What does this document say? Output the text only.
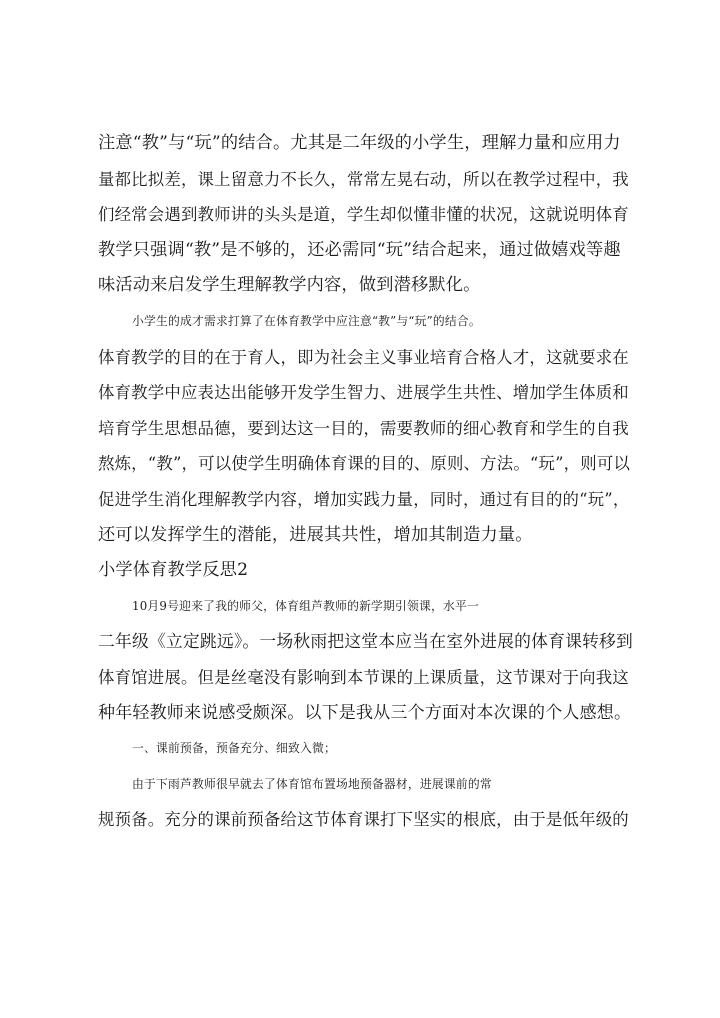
注意“教”与“玩”的结合。尤其是二年级的小学生，理解力量和应用力
量都比拟差，课上留意力不长久，常常左晃右动，所以在教学过程中，我
们经常会遇到教师讲的头头是道，学生却似懂非懂的状况，这就说明体育
教学只强调“教”是不够的，还必需同“玩”结合起来，通过做嬉戏等趣
味活动来启发学生理解教学内容，做到潜移默化。
小学生的成才需求打算了在体育教学中应注意“教”与“玩”的结合。
体育教学的目的在于育人，即为社会主义事业培育合格人才，这就要求在
体育教学中应表达出能够开发学生智力、进展学生共性、增加学生体质和
培育学生思想品德，要到达这一目的，需要教师的细心教育和学生的自我
熬炼，“教”，可以使学生明确体育课的目的、原则、方法。“玩”，则可以
促进学生消化理解教学内容，增加实践力量，同时，通过有目的的“玩”，
还可以发挥学生的潜能，进展其共性，增加其制造力量。
小学体育教学反思2
10月9号迎来了我的师父，体育组芦教师的新学期引领课，水平一
二年级《立定跳远》。一场秋雨把这堂本应当在室外进展的体育课转移到
体育馆进展。但是丝毫没有影响到本节课的上课质量，这节课对于向我这
种年轻教师来说感受颇深。以下是我从三个方面对本次课的个人感想。
一、课前预备，预备充分、细致入微；
由于下雨芦教师很早就去了体育馆布置场地预备器材，进展课前的常
规预备。充分的课前预备给这节体育课打下坚实的根底，由于是低年级的
